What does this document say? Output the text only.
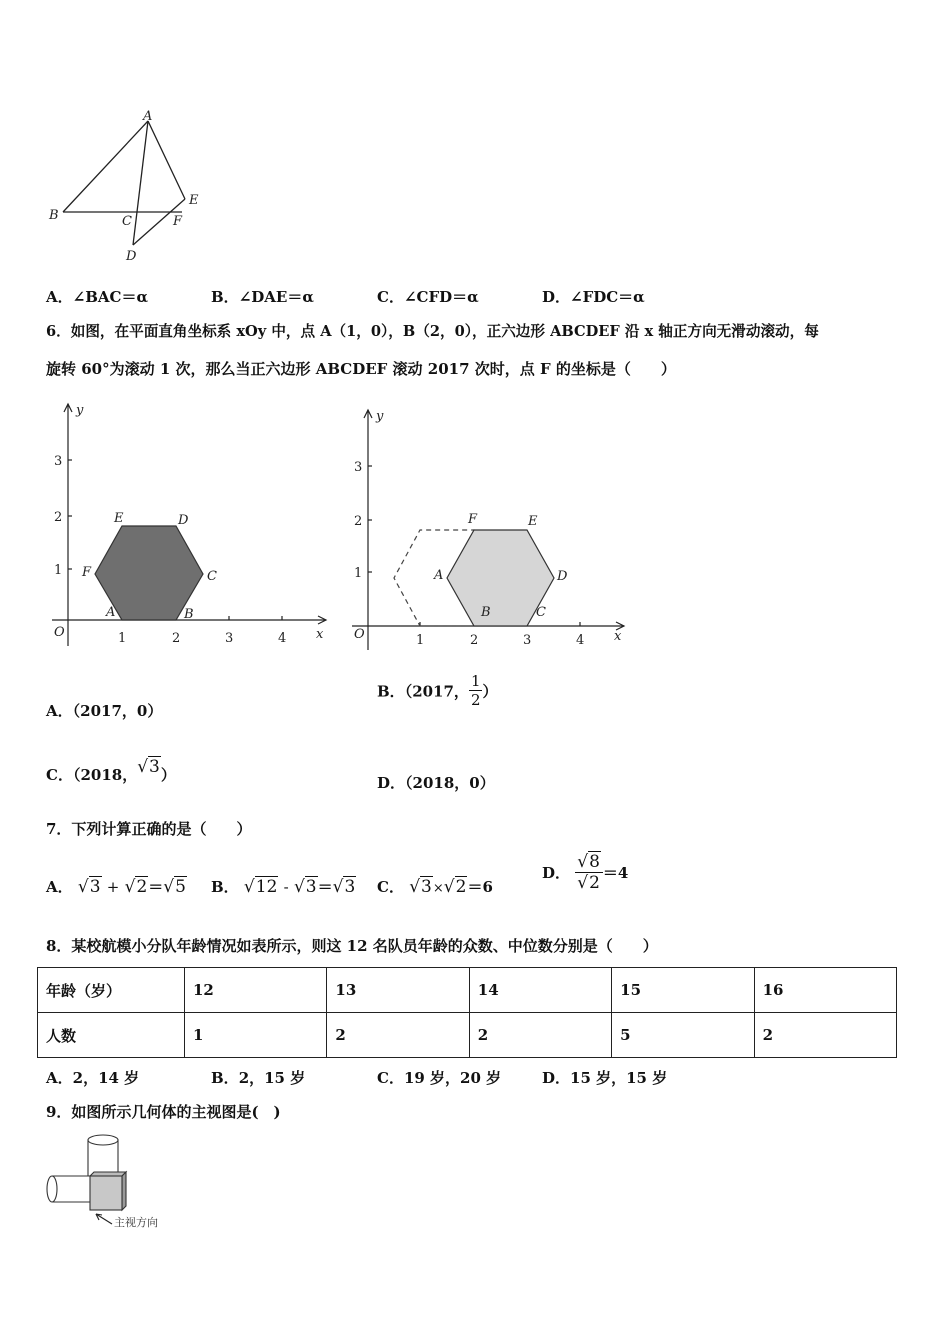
A
B	C
D
E
F
A．∠BAC＝α	B．∠DAE＝α	C．∠CFD＝α	D．∠FDC＝α
6．如图，在平面直角坐标系 xOy 中，点 A（1，0），B（2，0），正六边形 ABCDEF 沿 x 轴正方向无滑动滚动，每
旋转 60°为滚动 1 次，那么当正六边形 ABCDEF 滚动 2017 次时，点 F 的坐标是（　　）
y
x
O	1	2	3	4
1
2
3
A	B
C
D
E
F
y
x
O	1	2	3	4
1
2
3
A
B	C
D
E
F
A．（2017，0）
B．（2017， $\frac{1}{2}$ ）
C．（2018，√3）	D．（2018，0）
7．下列计算正确的是（　　）
A． √3 + √2＝√5 B． √12 - √3＝√3 C． √3×√2＝6
D． $\frac{√8}{√2} =4$
8．某校航模小分队年龄情况如表所示，则这 12 名队员年龄的众数、中位数分别是（　　）
年龄（岁）	12	13	14	15	16
人数	1	2	2	5	2
A．2，14 岁	B．2，15 岁	C．19 岁，20 岁	D．15 岁，15 岁
9．如图所示几何体的主视图是(　)
主视方向
